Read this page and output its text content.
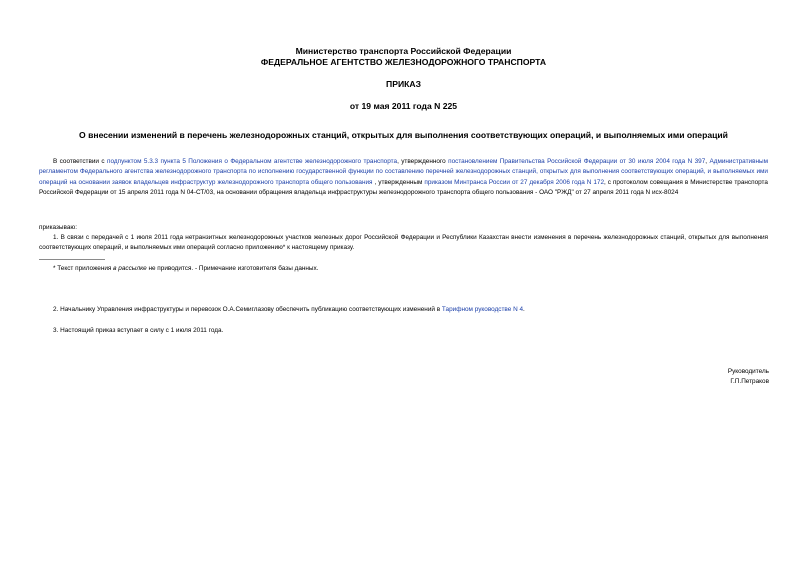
Министерство транспорта Российской Федерации
ФЕДЕРАЛЬНОЕ АГЕНТСТВО ЖЕЛЕЗНОДОРОЖНОГО ТРАНСПОРТА
ПРИКАЗ
от 19 мая 2011 года N 225
О внесении изменений в перечень железнодорожных станций, открытых для выполнения соответствующих операций, и выполняемых ими операций
В соответствии с подпунктом 5.3.3 пункта 5 Положения о Федеральном агентстве железнодорожного транспорта, утвержденного постановлением Правительства Российской Федерации от 30 июля 2004 года N 397, Административным регламентом Федерального агентства железнодорожного транспорта по исполнению государственной функции по составлению перечней железнодорожных станций, открытых для выполнения соответствующих операций, и выполняемых ими операций на основании заявок владельцев инфраструктур железнодорожного транспорта общего пользования , утвержденным приказом Минтранса России от 27 декабря 2006 года N 172, с протоколом совещания в Министерстве транспорта Российской Федерации от 15 апреля 2011 года N 04-СТ/03, на основании обращения владельца инфраструктуры железнодорожного транспорта общего пользования - ОАО "РЖД" от 27 апреля 2011 года N исх-8024
приказываю:
1. В связи с передачей с 1 июля 2011 года нетранзитных железнодорожных участков железных дорог Российской Федерации и Республики Казахстан внести изменения в перечень железнодорожных станций, открытых для выполнения соответствующих операций, и выполняемых ими операций согласно приложению* к настоящему приказу.
* Текст приложения в рассылке не приводится. - Примечание изготовителя базы данных.
2. Начальнику Управления инфраструктуры и перевозок О.А.Семиглазову обеспечить публикацию соответствующих изменений в Тарифном руководстве N 4.
3. Настоящий приказ вступает в силу с 1 июля 2011 года.
Руководитель
Г.П.Петраков
